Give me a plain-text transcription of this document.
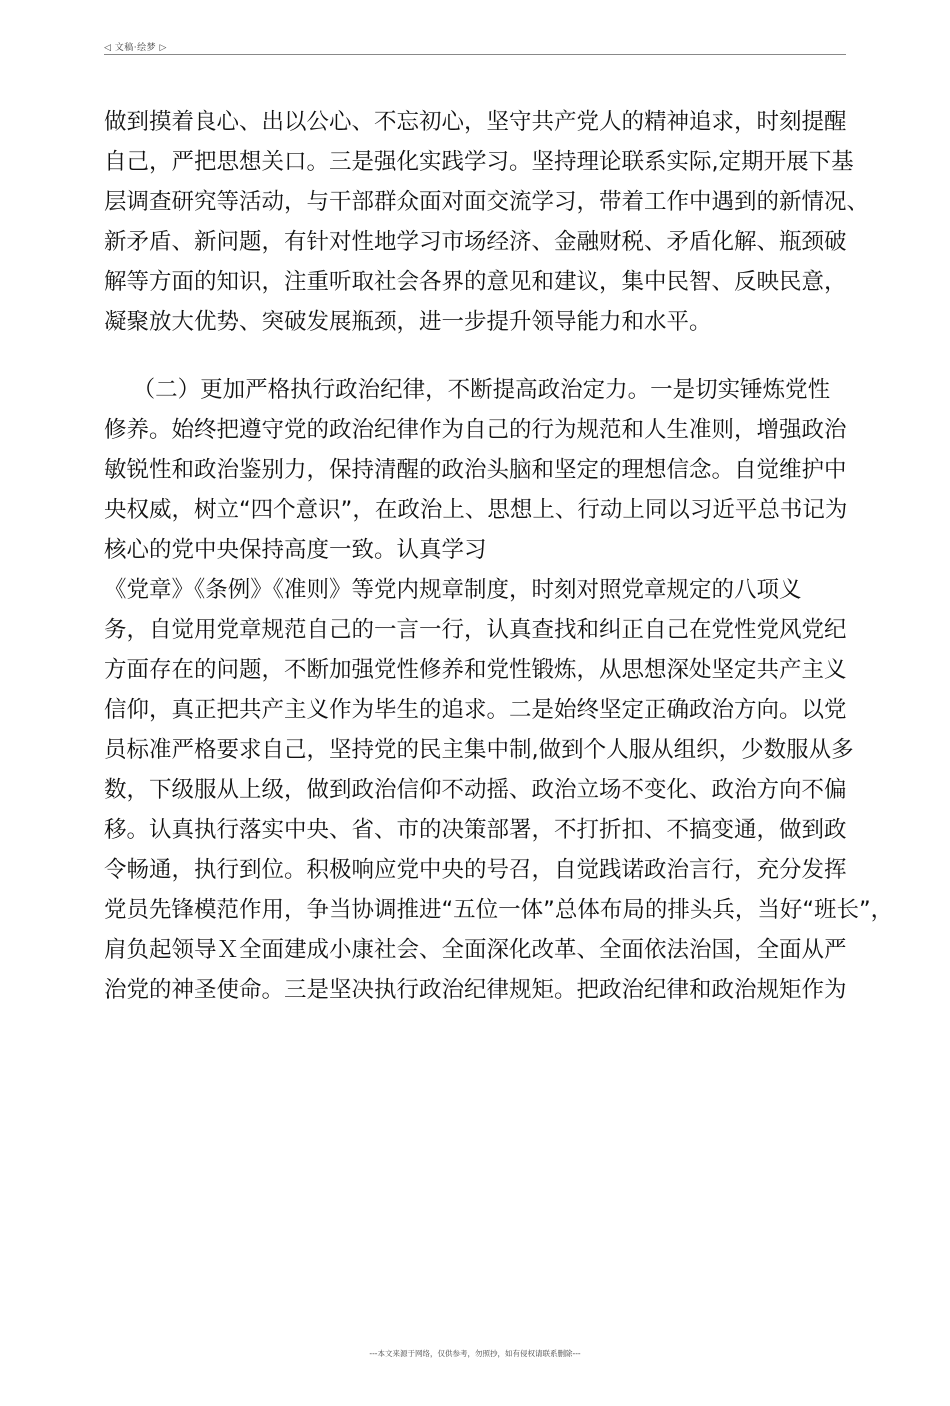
◁ 文稿·绘梦 ▷
做到摸着良心、出以公心、不忘初心，坚守共产党人的精神追求，时刻提醒
自己，严把思想关口。三是强化实践学习。坚持理论联系实际,定期开展下基
层调查研究等活动，与干部群众面对面交流学习，带着工作中遇到的新情况、
新矛盾、新问题，有针对性地学习市场经济、金融财税、矛盾化解、瓶颈破
解等方面的知识，注重听取社会各界的意见和建议，集中民智、反映民意，
凝聚放大优势、突破发展瓶颈，进一步提升领导能力和水平。
（二）更加严格执行政治纪律，不断提高政治定力。一是切实锤炼党性
修养。始终把遵守党的政治纪律作为自己的行为规范和人生准则，增强政治
敏锐性和政治鉴别力，保持清醒的政治头脑和坚定的理想信念。自觉维护中
央权威，树立“四个意识”，在政治上、思想上、行动上同以习近平总书记为
核心的党中央保持高度一致。认真学习
《党章》《条例》《准则》等党内规章制度，时刻对照党章规定的八项义
务，自觉用党章规范自己的一言一行，认真查找和纠正自己在党性党风党纪
方面存在的问题，不断加强党性修养和党性锻炼，从思想深处坚定共产主义
信仰，真正把共产主义作为毕生的追求。二是始终坚定正确政治方向。以党
员标准严格要求自己，坚持党的民主集中制,做到个人服从组织，少数服从多
数，下级服从上级，做到政治信仰不动摇、政治立场不变化、政治方向不偏
移。认真执行落实中央、省、市的决策部署，不打折扣、不搞变通，做到政
令畅通，执行到位。积极响应党中央的号召，自觉践诺政治言行，充分发挥
党员先锋模范作用，争当协调推进“五位一体”总体布局的排头兵，当好“班长”，
肩负起领导Ｘ全面建成小康社会、全面深化改革、全面依法治国，全面从严
治党的神圣使命。三是坚决执行政治纪律规矩。把政治纪律和政治规矩作为
---本文来源于网络，仅供参考，勿照抄，如有侵权请联系删除---
